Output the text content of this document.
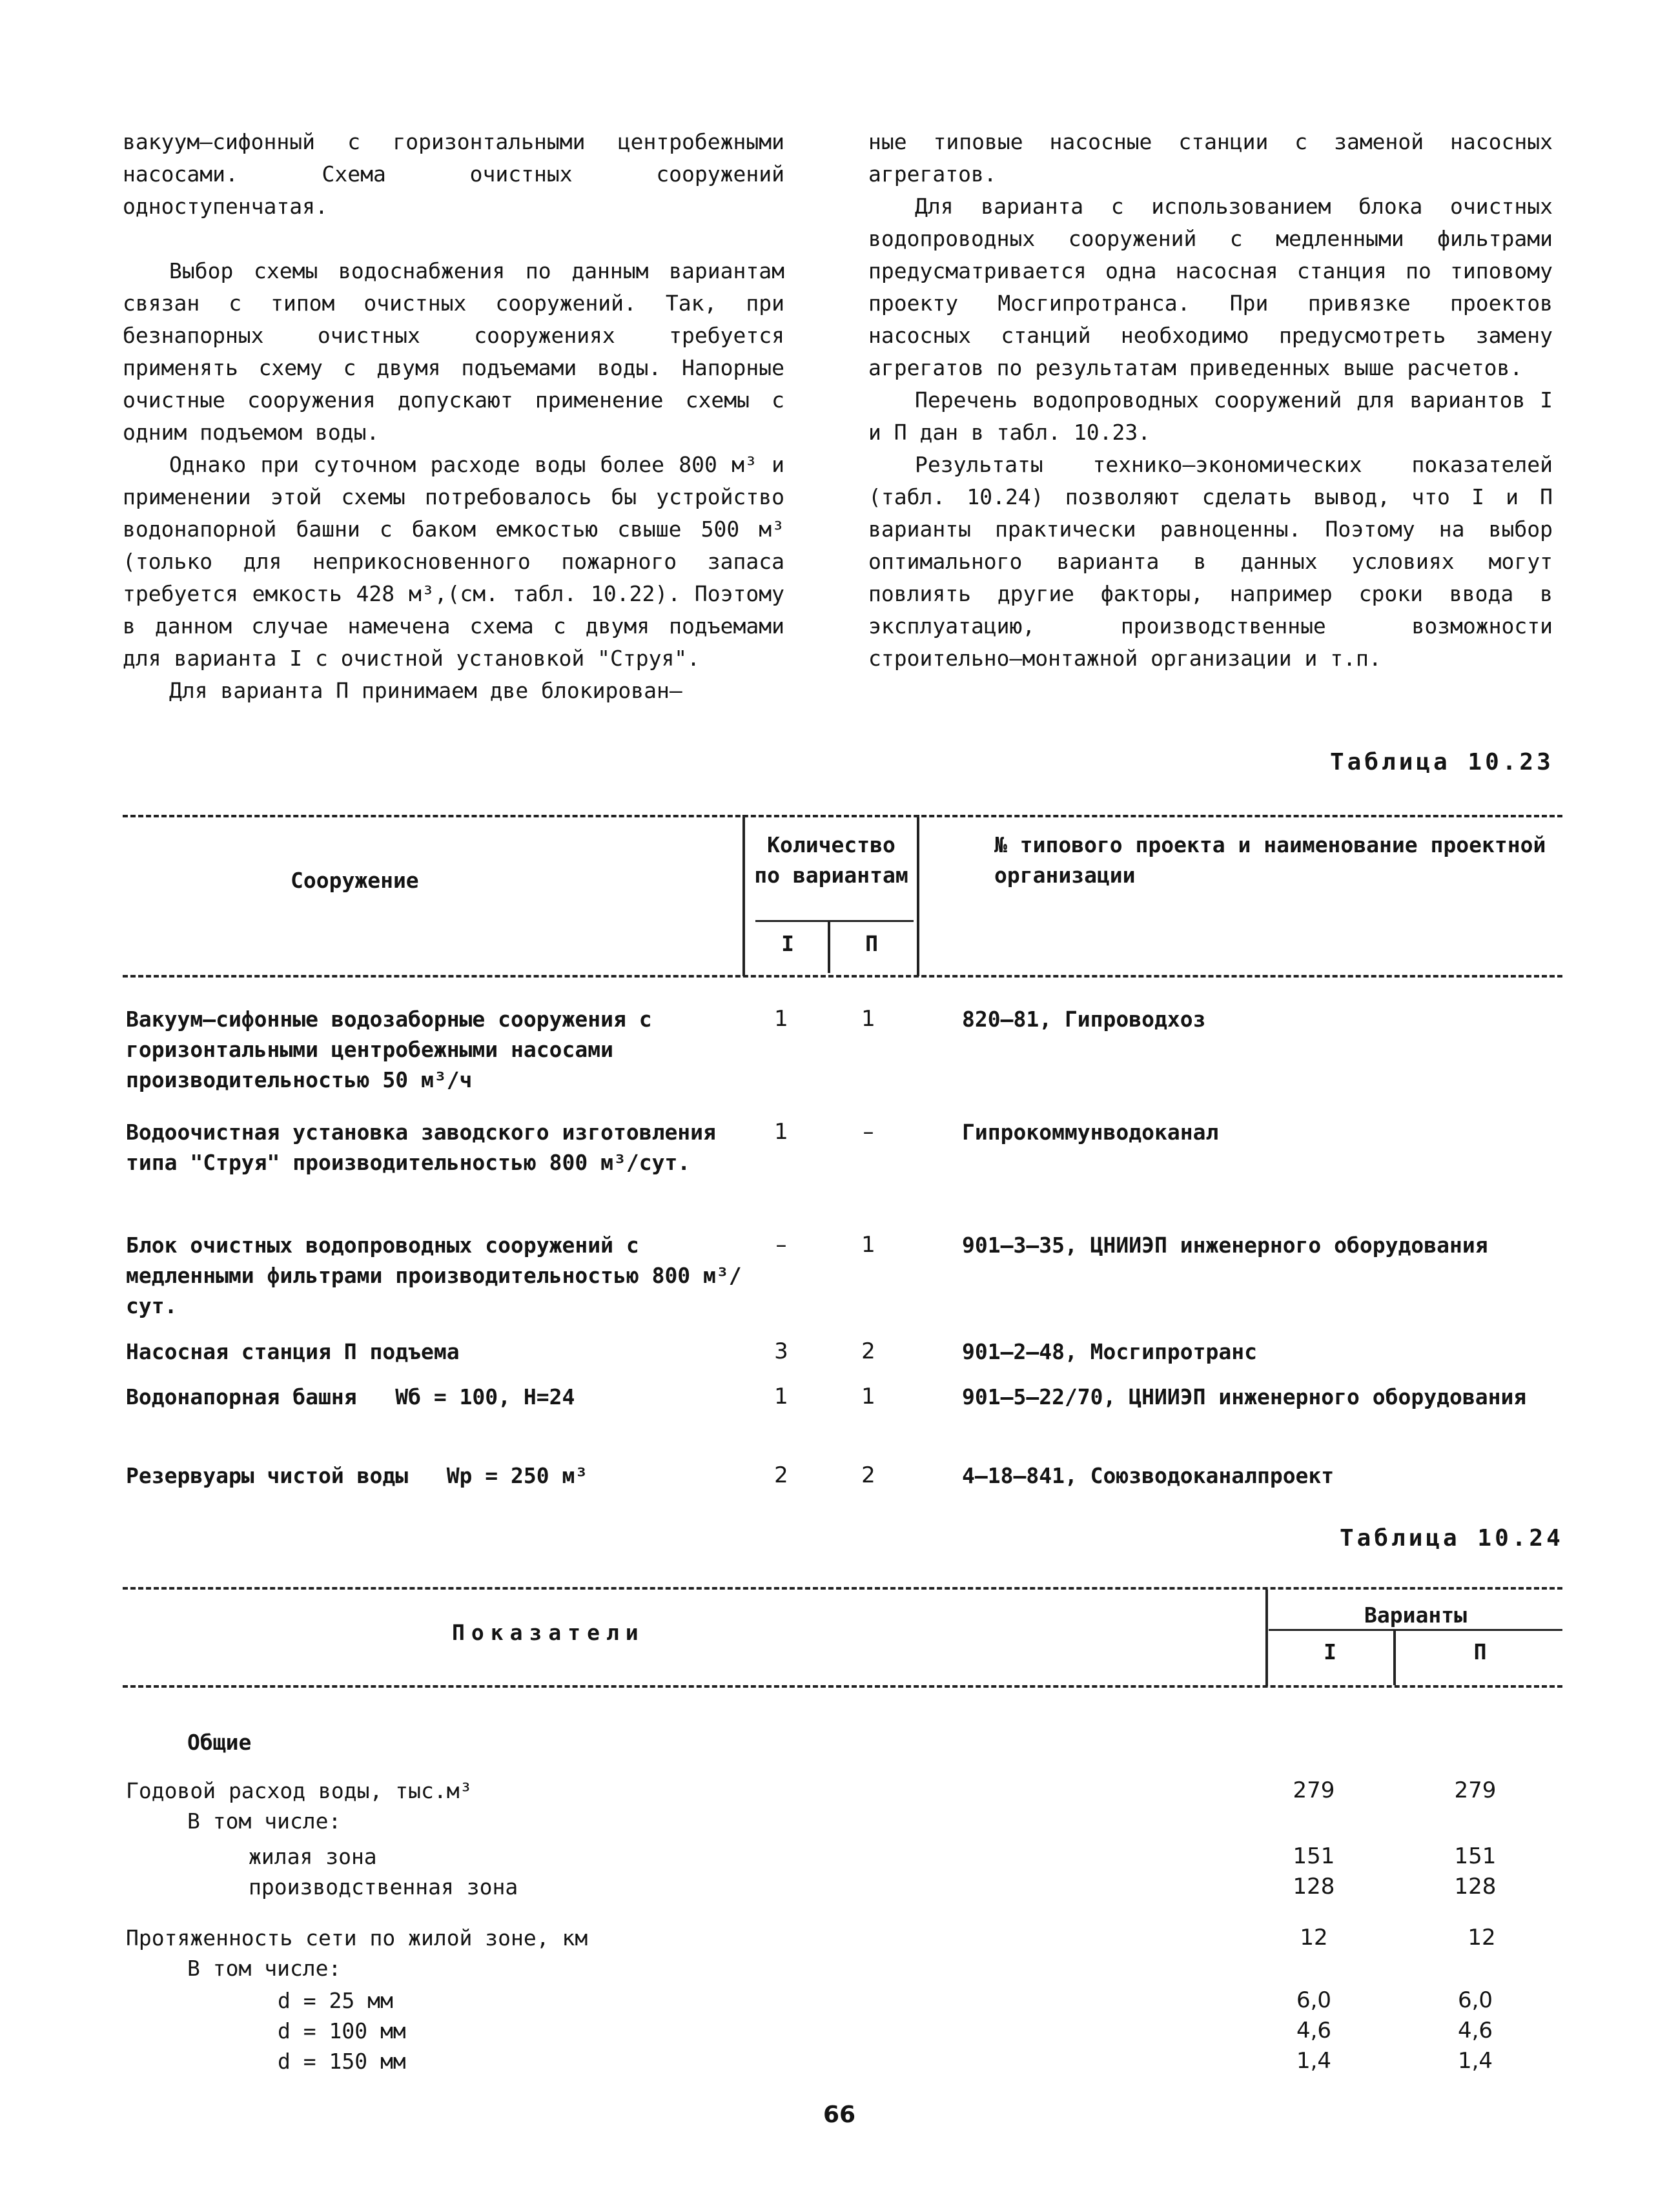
вакуум–сифонный с горизонтальными центробежными насосами. Схема очистных сооружений одноступенчатая.

Выбор схемы водоснабжения по данным вариантам связан с типом очистных сооружений. Так, при безнапорных очистных сооружениях требуется применять схему с двумя подъемами воды. Напорные очистные сооружения допускают применение схемы с одним подъемом воды.

Однако при суточном расходе воды более 800 м³ и применении этой схемы потребовалось бы устройство водонапорной башни с баком емкостью свыше 500 м³ (только для неприкосновенного пожарного запаса требуется емкость 428 м³,(см. табл. 10.22). Поэтому в данном случае намечена схема с двумя подъемами для варианта I с очистной установкой "Струя".

Для варианта П принимаем две блокирован–

ные типовые насосные станции с заменой насосных агрегатов.

Для варианта с использованием блока очистных водопроводных сооружений с медленными фильтрами предусматривается одна насосная станция по типовому проекту Мосгипротранса. При привязке проектов насосных станций необходимо предусмотреть замену агрегатов по результатам приведенных выше расчетов.

Перечень водопроводных сооружений для вариантов I и П дан в табл. 10.23.

Результаты технико–экономических показателей (табл. 10.24) позволяют сделать вывод, что I и П варианты практически равноценны. Поэтому на выбор оптимального варианта в данных условиях могут повлиять другие факторы, например сроки ввода в эксплуатацию, производственные возможности строительно–монтажной организации и т.п.

Таблица 10.23
Сооружение
Количество по вариантам
I	П
№ типового проекта и наименование проектной организации
Вакуум–сифонные водозаборные сооружения с горизонтальными центробежными насосами производительностью 50 м³/ч
1	1	820–81, Гипроводхоз
Водоочистная установка заводского изготовления типа "Струя" производительностью 800 м³/сут.
1	–	Гипрокоммунводоканал
Блок очистных водопроводных сооружений с медленными фильтрами производительностью 800 м³/сут.
–	1	901–3–35, ЦНИИЭП инженерного оборудования
Насосная станция П подъема	3	2	901–2–48, Мосгипротранс
Водонапорная башня   Wб = 100, H=24	1	1	901–5–22/70, ЦНИИЭП инженерного оборудования
Резервуары чистой воды   Wр = 250 м³	2	2	4–18–841, Союзводоканалпроект
Таблица 10.24
Показатели
Варианты
I	П
Общие
Годовой расход воды, тыс.м³	279	279
В том числе:
жилая зона	151	151
производственная зона	128	128
Протяженность сети по жилой зоне, км	12	12
В том числе:
d = 25 мм	6,0	6,0
d = 100 мм	4,6	4,6
d = 150 мм	1,4	1,4
66
